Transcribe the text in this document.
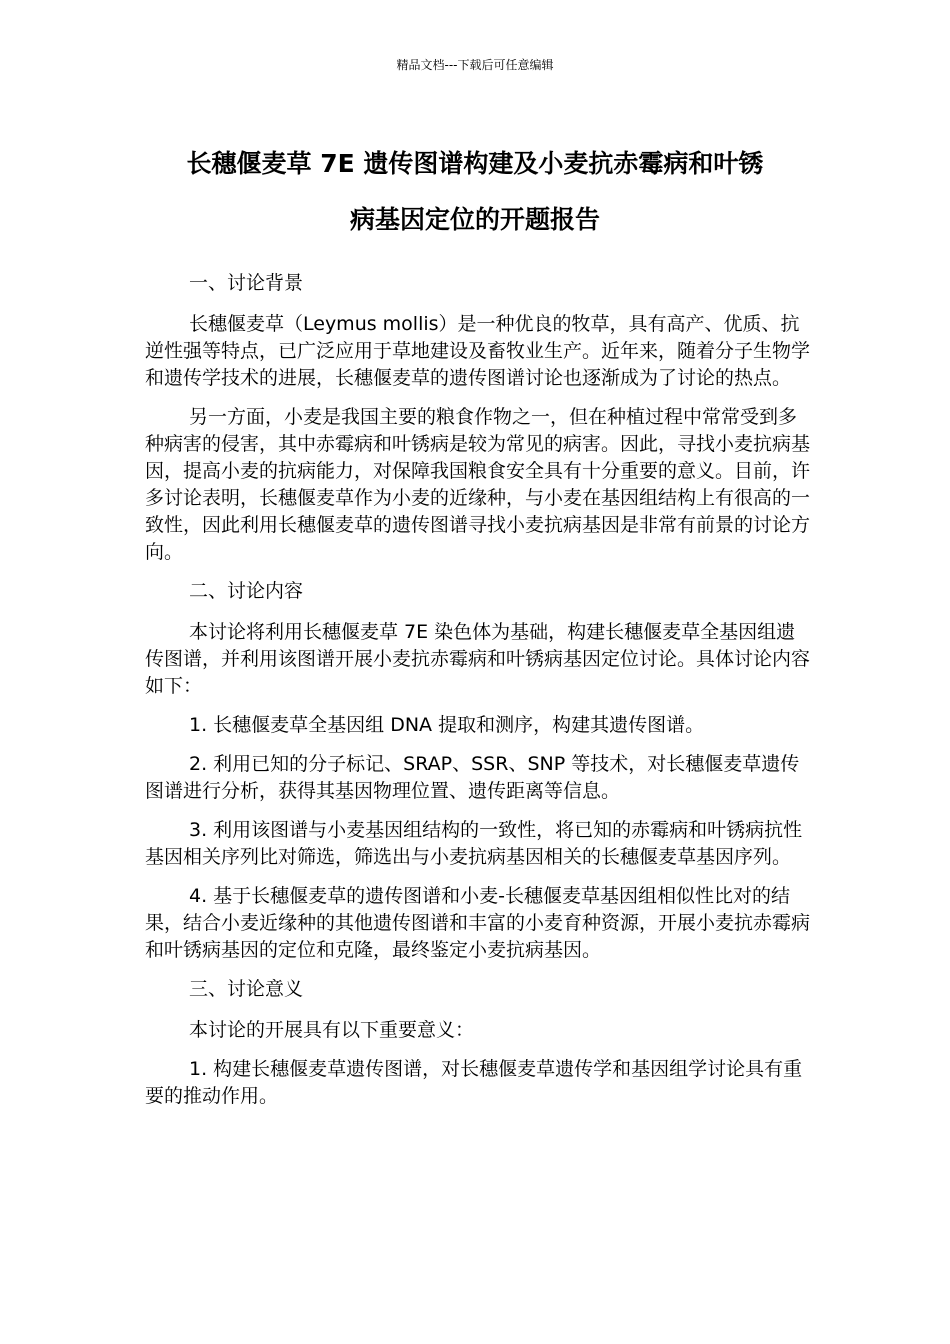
精品文档---下载后可任意编辑
长穗偃麦草 7E 遗传图谱构建及小麦抗赤霉病和叶锈
病基因定位的开题报告

一、讨论背景

长穗偃麦草（Leymus mollis）是一种优良的牧草，具有高产、优质、抗逆性强等特点，已广泛应用于草地建设及畜牧业生产。近年来，随着分子生物学和遗传学技术的进展，长穗偃麦草的遗传图谱讨论也逐渐成为了讨论的热点。

另一方面，小麦是我国主要的粮食作物之一，但在种植过程中常常受到多种病害的侵害，其中赤霉病和叶锈病是较为常见的病害。因此，寻找小麦抗病基因，提高小麦的抗病能力，对保障我国粮食安全具有十分重要的意义。目前，许多讨论表明，长穗偃麦草作为小麦的近缘种，与小麦在基因组结构上有很高的一致性，因此利用长穗偃麦草的遗传图谱寻找小麦抗病基因是非常有前景的讨论方向。

二、讨论内容

本讨论将利用长穗偃麦草 7E 染色体为基础，构建长穗偃麦草全基因组遗传图谱，并利用该图谱开展小麦抗赤霉病和叶锈病基因定位讨论。具体讨论内容如下：

1. 长穗偃麦草全基因组 DNA 提取和测序，构建其遗传图谱。

2. 利用已知的分子标记、SRAP、SSR、SNP 等技术，对长穗偃麦草遗传图谱进行分析，获得其基因物理位置、遗传距离等信息。

3. 利用该图谱与小麦基因组结构的一致性，将已知的赤霉病和叶锈病抗性基因相关序列比对筛选，筛选出与小麦抗病基因相关的长穗偃麦草基因序列。

4. 基于长穗偃麦草的遗传图谱和小麦-长穗偃麦草基因组相似性比对的结果，结合小麦近缘种的其他遗传图谱和丰富的小麦育种资源，开展小麦抗赤霉病和叶锈病基因的定位和克隆，最终鉴定小麦抗病基因。

三、讨论意义

本讨论的开展具有以下重要意义：

1. 构建长穗偃麦草遗传图谱，对长穗偃麦草遗传学和基因组学讨论具有重要的推动作用。
